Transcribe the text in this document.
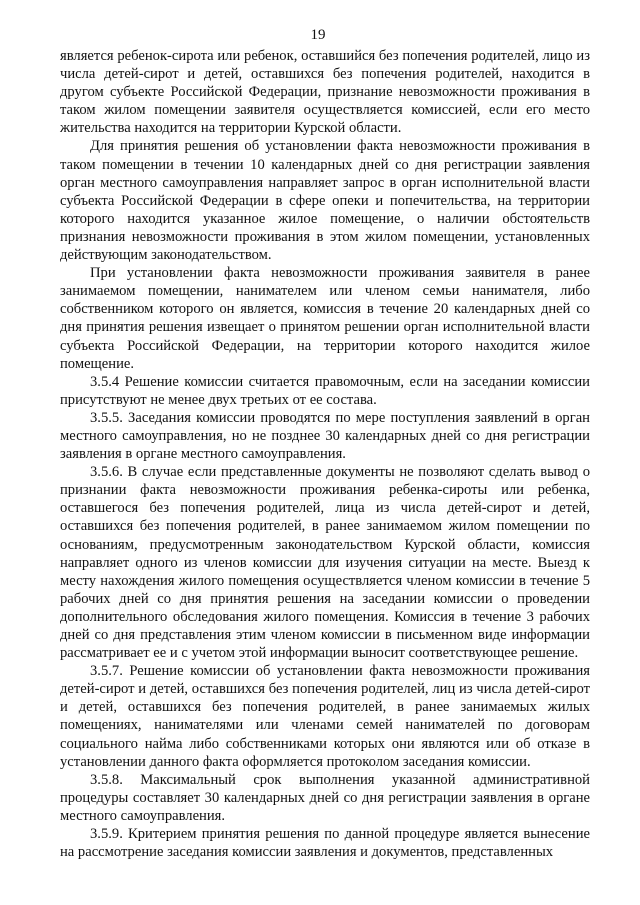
19

является ребенок-сирота или ребенок, оставшийся без попечения родителей, лицо из числа детей-сирот и детей, оставшихся без попечения родителей, находится в другом субъекте Российской Федерации, признание невозможности проживания в таком жилом помещении заявителя осуществляется комиссией, если его место жительства находится на территории Курской области.

Для принятия решения об установлении факта невозможности проживания в таком помещении в течении 10 календарных дней со дня регистрации заявления орган местного самоуправления направляет запрос в орган исполнительной власти субъекта Российской Федерации в сфере опеки и попечительства, на территории которого находится указанное жилое помещение, о наличии обстоятельств признания невозможности проживания в этом жилом помещении, установленных действующим законодательством.

При установлении факта невозможности проживания заявителя в ранее занимаемом помещении, нанимателем или членом семьи нанимателя, либо собственником которого он является, комиссия в течение 20 календарных дней со дня принятия решения извещает о принятом решении орган исполнительной власти субъекта Российской Федерации, на территории которого находится жилое помещение.

3.5.4 Решение комиссии считается правомочным, если на заседании комиссии присутствуют не менее двух третьих от ее состава.

3.5.5. Заседания комиссии проводятся по мере поступления заявлений в орган местного самоуправления, но не позднее 30 календарных дней со дня регистрации заявления в органе местного самоуправления.

3.5.6. В случае если представленные документы не позволяют сделать вывод о признании факта невозможности проживания ребенка-сироты или ребенка, оставшегося без попечения родителей, лица из числа детей-сирот и детей, оставшихся без попечения родителей, в ранее занимаемом жилом помещении по основаниям, предусмотренным законодательством Курской области, комиссия направляет одного из членов комиссии для изучения ситуации на месте. Выезд к месту нахождения жилого помещения осуществляется членом комиссии в течение 5 рабочих дней со дня принятия решения на заседании комиссии о проведении дополнительного обследования жилого помещения. Комиссия в течение 3 рабочих дней со дня представления этим членом комиссии в письменном виде информации рассматривает ее и с учетом этой информации выносит соответствующее решение.

3.5.7. Решение комиссии об установлении факта невозможности проживания детей-сирот и детей, оставшихся без попечения родителей, лиц из числа детей-сирот и детей, оставшихся без попечения родителей, в ранее занимаемых жилых помещениях, нанимателями или членами семей нанимателей по договорам социального найма либо собственниками которых они являются или об отказе в установлении данного факта оформляется протоколом заседания комиссии.

3.5.8. Максимальный срок выполнения указанной административной процедуры составляет 30 календарных дней со дня регистрации заявления в органе местного самоуправления.

3.5.9. Критерием принятия решения по данной процедуре является вынесение на рассмотрение заседания комиссии заявления и документов, представленных
